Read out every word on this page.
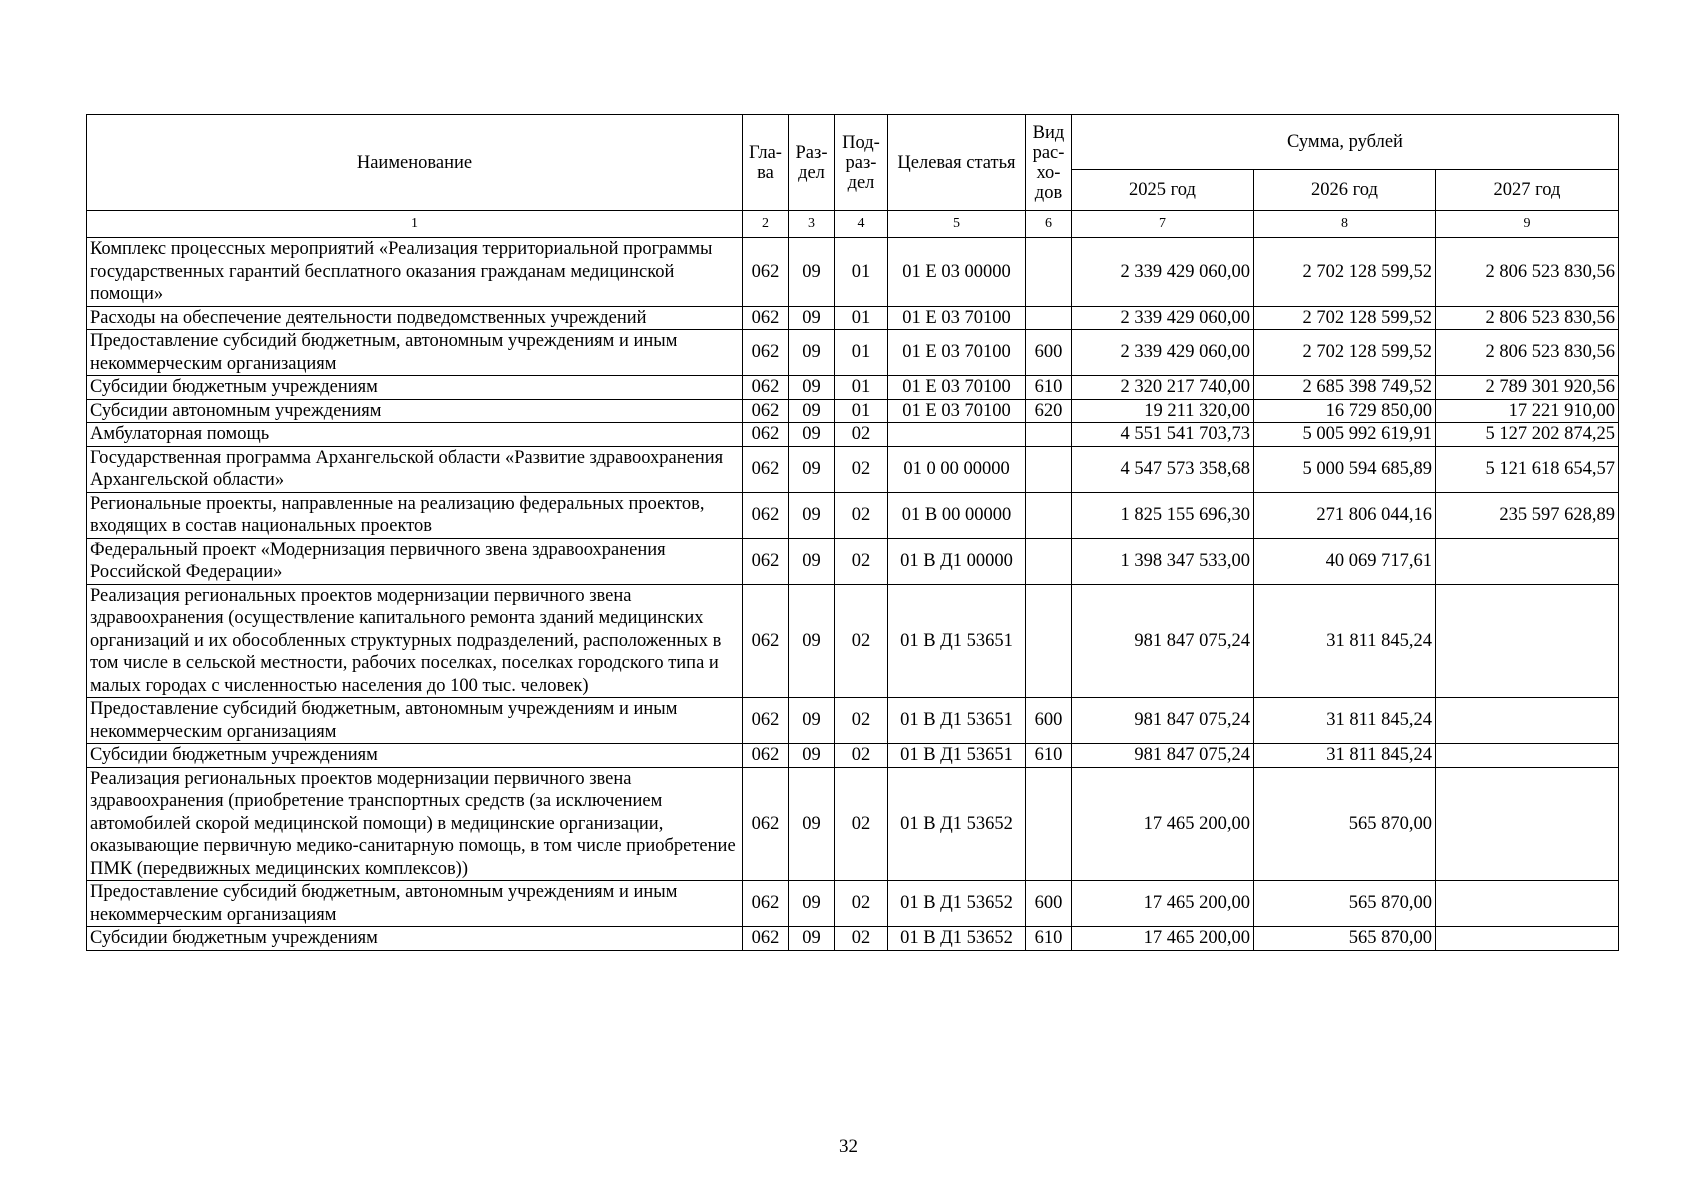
Наименование	Гла-ва	Раз-дел	Под-раз-дел	Целевая статья	Вид рас-хо-дов	Сумма, рублей		
						2025 год	2026 год	2027 год
1	2	3	4	5	6	7	8	9
Комплекс процессных мероприятий «Реализация территориальной программы государственных гарантий бесплатного оказания гражданам медицинской помощи»	062	09	01	01 Е 03 00000		2 339 429 060,00	2 702 128 599,52	2 806 523 830,56
Расходы на обеспечение деятельности подведомственных учреждений	062	09	01	01 Е 03 70100		2 339 429 060,00	2 702 128 599,52	2 806 523 830,56
Предоставление субсидий бюджетным, автономным учреждениям и иным некоммерческим организациям	062	09	01	01 Е 03 70100	600	2 339 429 060,00	2 702 128 599,52	2 806 523 830,56
Субсидии бюджетным учреждениям	062	09	01	01 Е 03 70100	610	2 320 217 740,00	2 685 398 749,52	2 789 301 920,56
Субсидии автономным учреждениям	062	09	01	01 Е 03 70100	620	19 211 320,00	16 729 850,00	17 221 910,00
Амбулаторная помощь	062	09	02			4 551 541 703,73	5 005 992 619,91	5 127 202 874,25
Государственная программа Архангельской области «Развитие здравоохранения Архангельской области»	062	09	02	01 0 00 00000		4 547 573 358,68	5 000 594 685,89	5 121 618 654,57
Региональные проекты, направленные на реализацию федеральных проектов, входящих в состав национальных проектов	062	09	02	01 В 00 00000		1 825 155 696,30	271 806 044,16	235 597 628,89
Федеральный проект «Модернизация первичного звена здравоохранения Российской Федерации»	062	09	02	01 В Д1 00000		1 398 347 533,00	40 069 717,61	
Реализация региональных проектов модернизации первичного звена здравоохранения (осуществление капитального ремонта зданий медицинских организаций и их обособленных структурных подразделений, расположенных в том числе в сельской местности, рабочих поселках, поселках городского типа и малых городах с численностью населения до 100 тыс. человек)	062	09	02	01 В Д1 53651		981 847 075,24	31 811 845,24	
Предоставление субсидий бюджетным, автономным учреждениям и иным некоммерческим организациям	062	09	02	01 В Д1 53651	600	981 847 075,24	31 811 845,24	
Субсидии бюджетным учреждениям	062	09	02	01 В Д1 53651	610	981 847 075,24	31 811 845,24	
Реализация региональных проектов модернизации первичного звена здравоохранения (приобретение транспортных средств (за исключением автомобилей скорой медицинской помощи) в медицинские организации, оказывающие первичную медико-санитарную помощь, в том числе приобретение ПМК (передвижных медицинских комплексов))	062	09	02	01 В Д1 53652		17 465 200,00	565 870,00	
Предоставление субсидий бюджетным, автономным учреждениям и иным некоммерческим организациям	062	09	02	01 В Д1 53652	600	17 465 200,00	565 870,00	
Субсидии бюджетным учреждениям	062	09	02	01 В Д1 53652	610	17 465 200,00	565 870,00	
32
